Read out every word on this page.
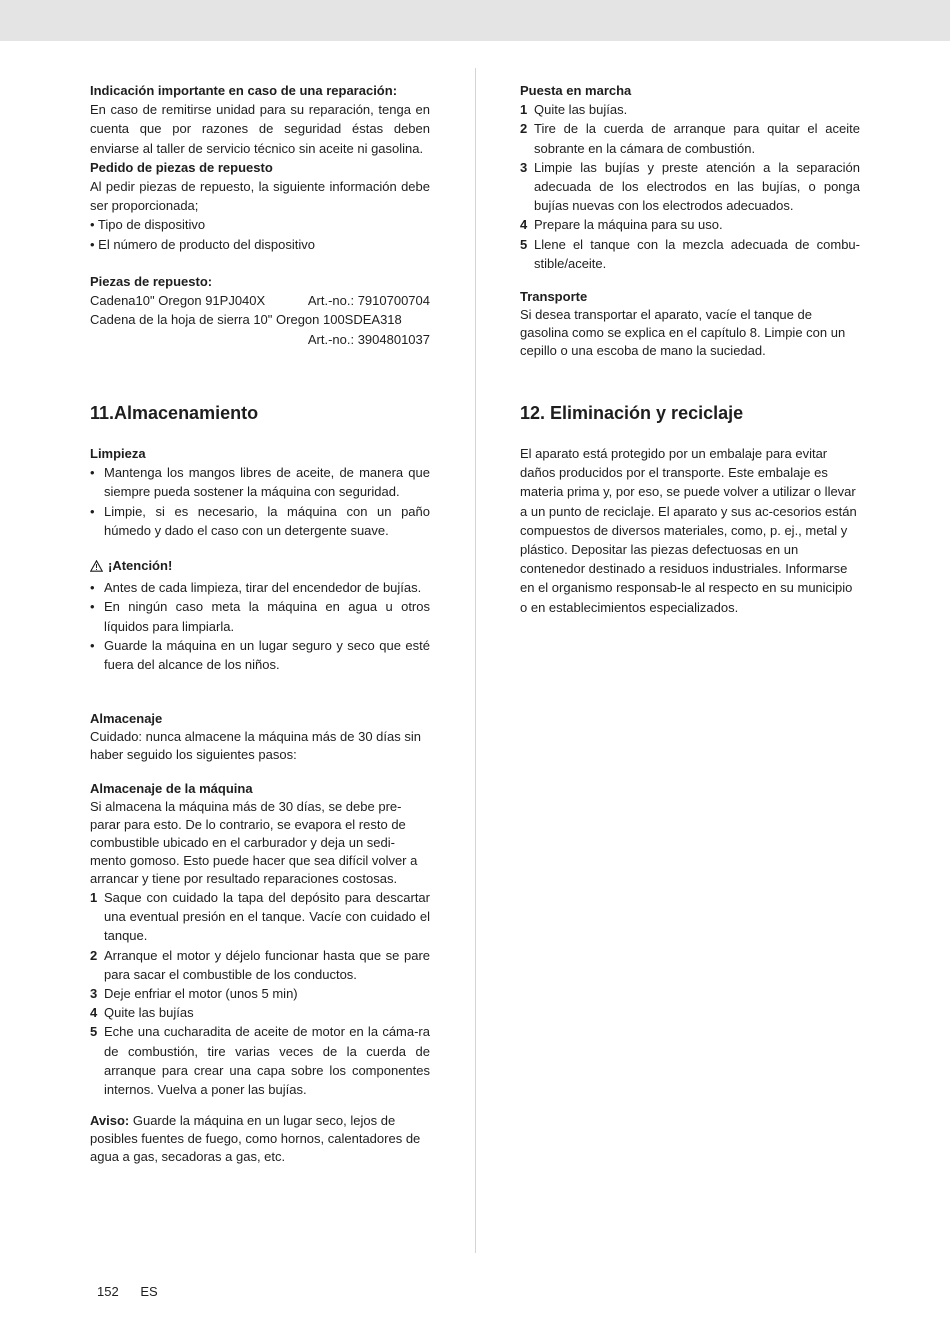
Indicación importante en caso de una reparación:

En caso de remitirse unidad para su reparación, tenga en cuenta que por razones de seguridad éstas deben enviarse al taller de servicio técnico sin aceite ni gasolina.

Pedido de piezas de repuesto

Al pedir piezas de repuesto, la siguiente información debe ser proporcionada;

• Tipo de dispositivo

• El número de producto del dispositivo

Piezas de repuesto:

Cadena10" Oregon 91PJ040X	Art.-no.: 7910700704

Cadena de la hoja de sierra 10" Oregon 100SDEA318

Art.-no.: 3904801037

11.Almacenamiento

Limpieza

• Mantenga los mangos libres de aceite, de manera que siempre pueda sostener la máquina con seguridad.
• Limpie, si es necesario, la máquina con un paño húmedo y dado el caso con un detergente suave.
¡Atención!
• Antes de cada limpieza, tirar del encendedor de bujías.
• En ningún caso meta la máquina en agua u otros líquidos para limpiarla.
• Guarde la máquina en un lugar seguro y seco que esté fuera del alcance de los niños.

Almacenaje

Cuidado: nunca almacene la máquina más de 30 días sin haber seguido los siguientes pasos:

Almacenaje de la máquina

Si almacena la máquina más de 30 días, se debe pre-parar para esto. De lo contrario, se evapora el resto de combustible ubicado en el carburador y deja un sedi-mento gomoso. Esto puede hacer que sea difícil volver a arrancar y tiene por resultado reparaciones costosas.

1 Saque con cuidado la tapa del depósito para descartar una eventual presión en el tanque. Vacíe con cuidado el tanque.
2 Arranque el motor y déjelo funcionar hasta que se pare para sacar el combustible de los conductos.
3 Deje enfriar el motor (unos 5 min)
4 Quite las bujías
5 Eche una cucharadita de aceite de motor en la cáma-ra de combustión, tire varias veces de la cuerda de arranque para crear una capa sobre los componentes internos. Vuelva a poner las bujías.

Aviso: Guarde la máquina en un lugar seco, lejos de posibles fuentes de fuego, como hornos, calentadores de agua a gas, secadoras a gas, etc.

Puesta en marcha

1 Quite las bujías.
2 Tire de la cuerda de arranque para quitar el aceite sobrante en la cámara de combustión.
3 Limpie las bujías y preste atención a la separación adecuada de los electrodos en las bujías, o ponga bujías nuevas con los electrodos adecuados.
4 Prepare la máquina para su uso.
5 Llene el tanque con la mezcla adecuada de combu-stible/aceite.

Transporte

Si desea transportar el aparato, vacíe el tanque de gasolina como se explica en el capítulo 8. Limpie con un cepillo o una escoba de mano la suciedad.

12. Eliminación y reciclaje

El aparato está protegido por un embalaje para evitar daños producidos por el transporte. Este embalaje es materia prima y, por eso, se puede volver a utilizar o llevar a un punto de reciclaje. El aparato y sus ac-cesorios están compuestos de diversos materiales, como, p. ej., metal y plástico. Depositar las piezas defectuosas en un contenedor destinado a residuos industriales. Informarse en el organismo responsab-le al respecto en su municipio o en establecimientos especializados.

152 ES
